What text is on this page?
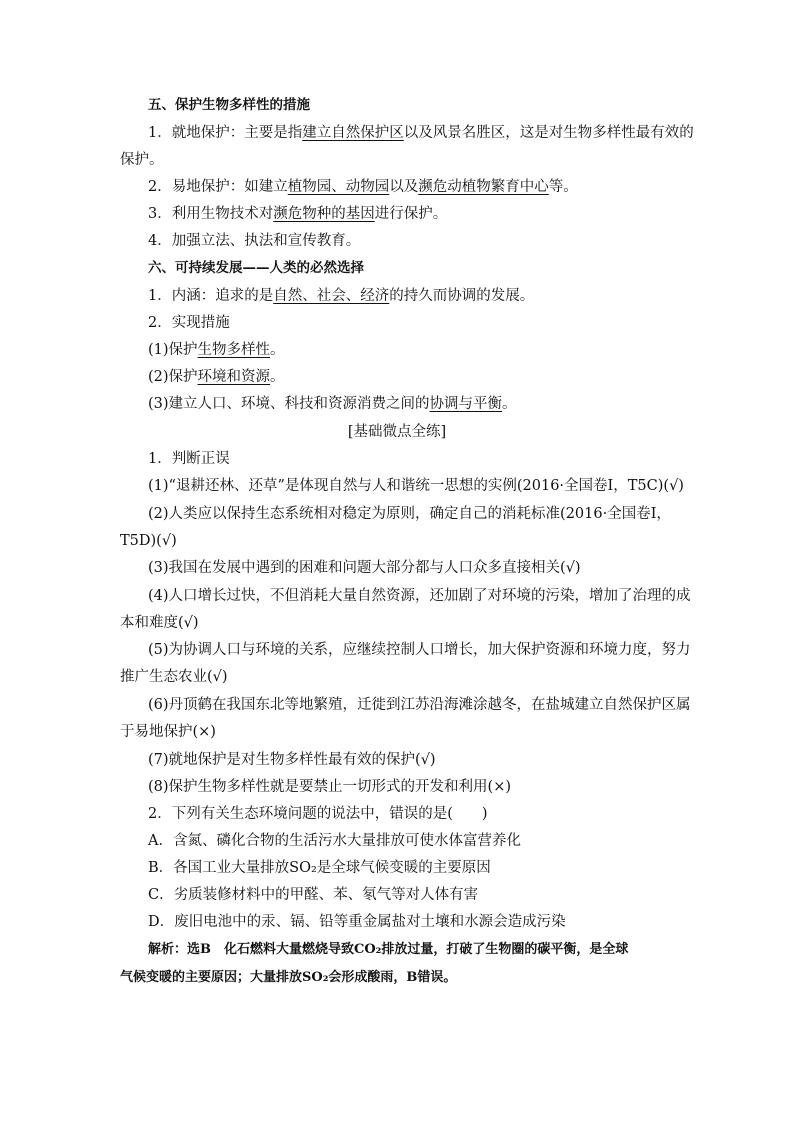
五、保护生物多样性的措施
1．就地保护：主要是指建立自然保护区以及风景名胜区，这是对生物多样性最有效的
保护。
2．易地保护：如建立植物园、动物园以及濒危动植物繁育中心等。
3．利用生物技术对濒危物种的基因进行保护。
4．加强立法、执法和宣传教育。
六、可持续发展——人类的必然选择
1．内涵：追求的是自然、社会、经济的持久而协调的发展。
2．实现措施
(1)保护生物多样性。
(2)保护环境和资源。
(3)建立人口、环境、科技和资源消费之间的协调与平衡。
[基础微点全练]
1．判断正误
(1)“退耕还林、还草”是体现自然与人和谐统一思想的实例(2016·全国卷Ⅰ，T5C)(√)
(2)人类应以保持生态系统相对稳定为原则，确定自己的消耗标准(2016·全国卷Ⅰ，
T5D)(√)
(3)我国在发展中遇到的困难和问题大部分都与人口众多直接相关(√)
(4)人口增长过快，不但消耗大量自然资源，还加剧了对环境的污染，增加了治理的成
本和难度(√)
(5)为协调人口与环境的关系，应继续控制人口增长，加大保护资源和环境力度，努力
推广生态农业(√)
(6)丹顶鹤在我国东北等地繁殖，迁徙到江苏沿海滩涂越冬，在盐城建立自然保护区属
于易地保护(×)
(7)就地保护是对生物多样性最有效的保护(√)
(8)保护生物多样性就是要禁止一切形式的开发和利用(×)
2．下列有关生态环境问题的说法中，错误的是(　　)
A．含氮、磷化合物的生活污水大量排放可使水体富营养化
B．各国工业大量排放SO₂是全球气候变暖的主要原因
C．劣质装修材料中的甲醛、苯、氡气等对人体有害
D．废旧电池中的汞、镉、铅等重金属盐对土壤和水源会造成污染
解析：选B　化石燃料大量燃烧导致CO₂排放过量，打破了生物圈的碳平衡，是全球
气候变暖的主要原因；大量排放SO₂会形成酸雨，B错误。
